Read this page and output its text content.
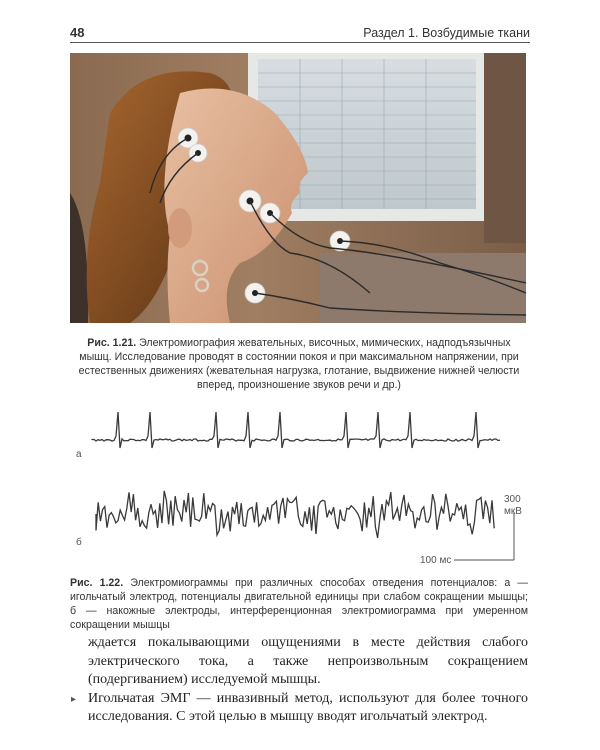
48	Раздел 1. Возбудимые ткани
Рис. 1.21. Электромиография жевательных, височных, мимических, надподъязычных мышц. Исследование проводят в состоянии покоя и при максимальном напряжении, при естественных движениях (жевательная нагрузка, глотание, выдвижение нижней челюсти вперед, произношение звуков речи и др.)
а
б
300
мкВ
100 мс
Рис. 1.22. Электромиограммы при различных способах отведения потенциалов: а — игольчатый электрод, потенциалы двигательной единицы при слабом сокращении мышцы; б — накожные электроды, интерференционная электромиограмма при умеренном сокращении мышцы

ждается покалывающими ощущениями в месте действия слабого электрического тока, а также непроизвольным сокращением (подергиванием) исследуемой мышцы.

▸ Игольчатая ЭМГ — инвазивный метод, используют для более точного исследования. С этой целью в мышцу вводят игольчатый электрод.
